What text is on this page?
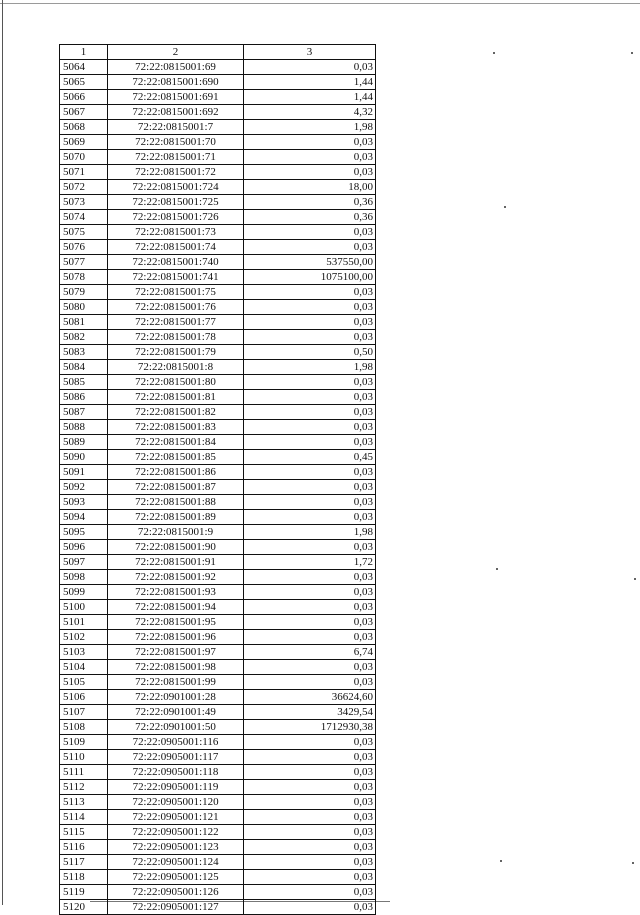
1	2	3
5064	72:22:0815001:69	0,03
5065	72:22:0815001:690	1,44
5066	72:22:0815001:691	1,44
5067	72:22:0815001:692	4,32
5068	72:22:0815001:7	1,98
5069	72:22:0815001:70	0,03
5070	72:22:0815001:71	0,03
5071	72:22:0815001:72	0,03
5072	72:22:0815001:724	18,00
5073	72:22:0815001:725	0,36
5074	72:22:0815001:726	0,36
5075	72:22:0815001:73	0,03
5076	72:22:0815001:74	0,03
5077	72:22:0815001:740	537550,00
5078	72:22:0815001:741	1075100,00
5079	72:22:0815001:75	0,03
5080	72:22:0815001:76	0,03
5081	72:22:0815001:77	0,03
5082	72:22:0815001:78	0,03
5083	72:22:0815001:79	0,50
5084	72:22:0815001:8	1,98
5085	72:22:0815001:80	0,03
5086	72:22:0815001:81	0,03
5087	72:22:0815001:82	0,03
5088	72:22:0815001:83	0,03
5089	72:22:0815001:84	0,03
5090	72:22:0815001:85	0,45
5091	72:22:0815001:86	0,03
5092	72:22:0815001:87	0,03
5093	72:22:0815001:88	0,03
5094	72:22:0815001:89	0,03
5095	72:22:0815001:9	1,98
5096	72:22:0815001:90	0,03
5097	72:22:0815001:91	1,72
5098	72:22:0815001:92	0,03
5099	72:22:0815001:93	0,03
5100	72:22:0815001:94	0,03
5101	72:22:0815001:95	0,03
5102	72:22:0815001:96	0,03
5103	72:22:0815001:97	6,74
5104	72:22:0815001:98	0,03
5105	72:22:0815001:99	0,03
5106	72:22:0901001:28	36624,60
5107	72:22:0901001:49	3429,54
5108	72:22:0901001:50	1712930,38
5109	72:22:0905001:116	0,03
5110	72:22:0905001:117	0,03
5111	72:22:0905001:118	0,03
5112	72:22:0905001:119	0,03
5113	72:22:0905001:120	0,03
5114	72:22:0905001:121	0,03
5115	72:22:0905001:122	0,03
5116	72:22:0905001:123	0,03
5117	72:22:0905001:124	0,03
5118	72:22:0905001:125	0,03
5119	72:22:0905001:126	0,03
5120	72:22:0905001:127	0,03
